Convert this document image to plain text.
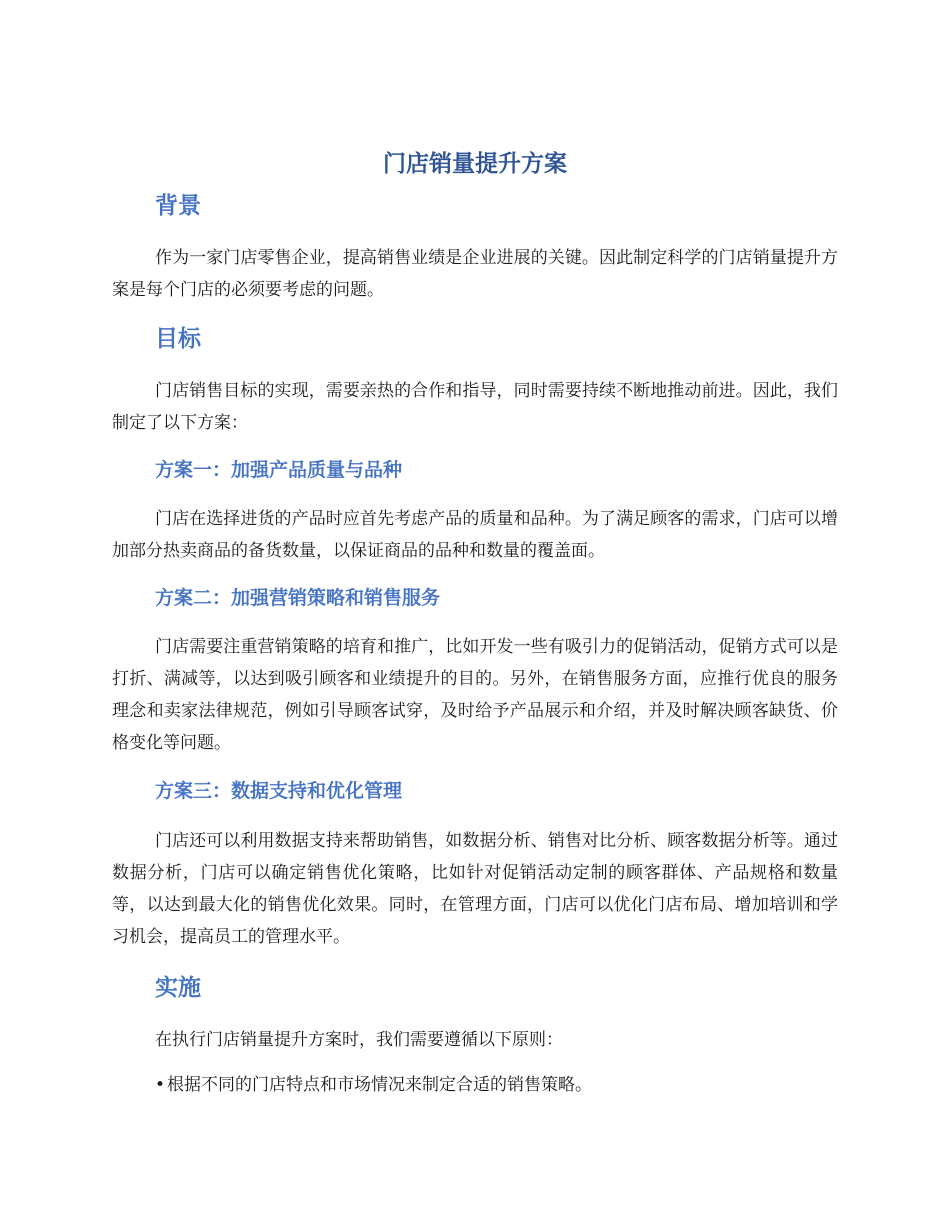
门店销量提升方案
背景

作为一家门店零售企业，提高销售业绩是企业进展的关键。因此制定科学的门店销量提升方案是每个门店的必须要考虑的问题。

目标

门店销售目标的实现，需要亲热的合作和指导，同时需要持续不断地推动前进。因此，我们制定了以下方案：

方案一：加强产品质量与品种

门店在选择进货的产品时应首先考虑产品的质量和品种。为了满足顾客的需求，门店可以增加部分热卖商品的备货数量，以保证商品的品种和数量的覆盖面。

方案二：加强营销策略和销售服务

门店需要注重营销策略的培育和推广，比如开发一些有吸引力的促销活动，促销方式可以是打折、满减等，以达到吸引顾客和业绩提升的目的。另外，在销售服务方面，应推行优良的服务理念和卖家法律规范，例如引导顾客试穿，及时给予产品展示和介绍，并及时解决顾客缺货、价格变化等问题。

方案三：数据支持和优化管理

门店还可以利用数据支持来帮助销售，如数据分析、销售对比分析、顾客数据分析等。通过数据分析，门店可以确定销售优化策略，比如针对促销活动定制的顾客群体、产品规格和数量等，以达到最大化的销售优化效果。同时，在管理方面，门店可以优化门店布局、增加培训和学习机会，提高员工的管理水平。

实施

在执行门店销量提升方案时，我们需要遵循以下原则：

• 根据不同的门店特点和市场情况来制定合适的销售策略。
